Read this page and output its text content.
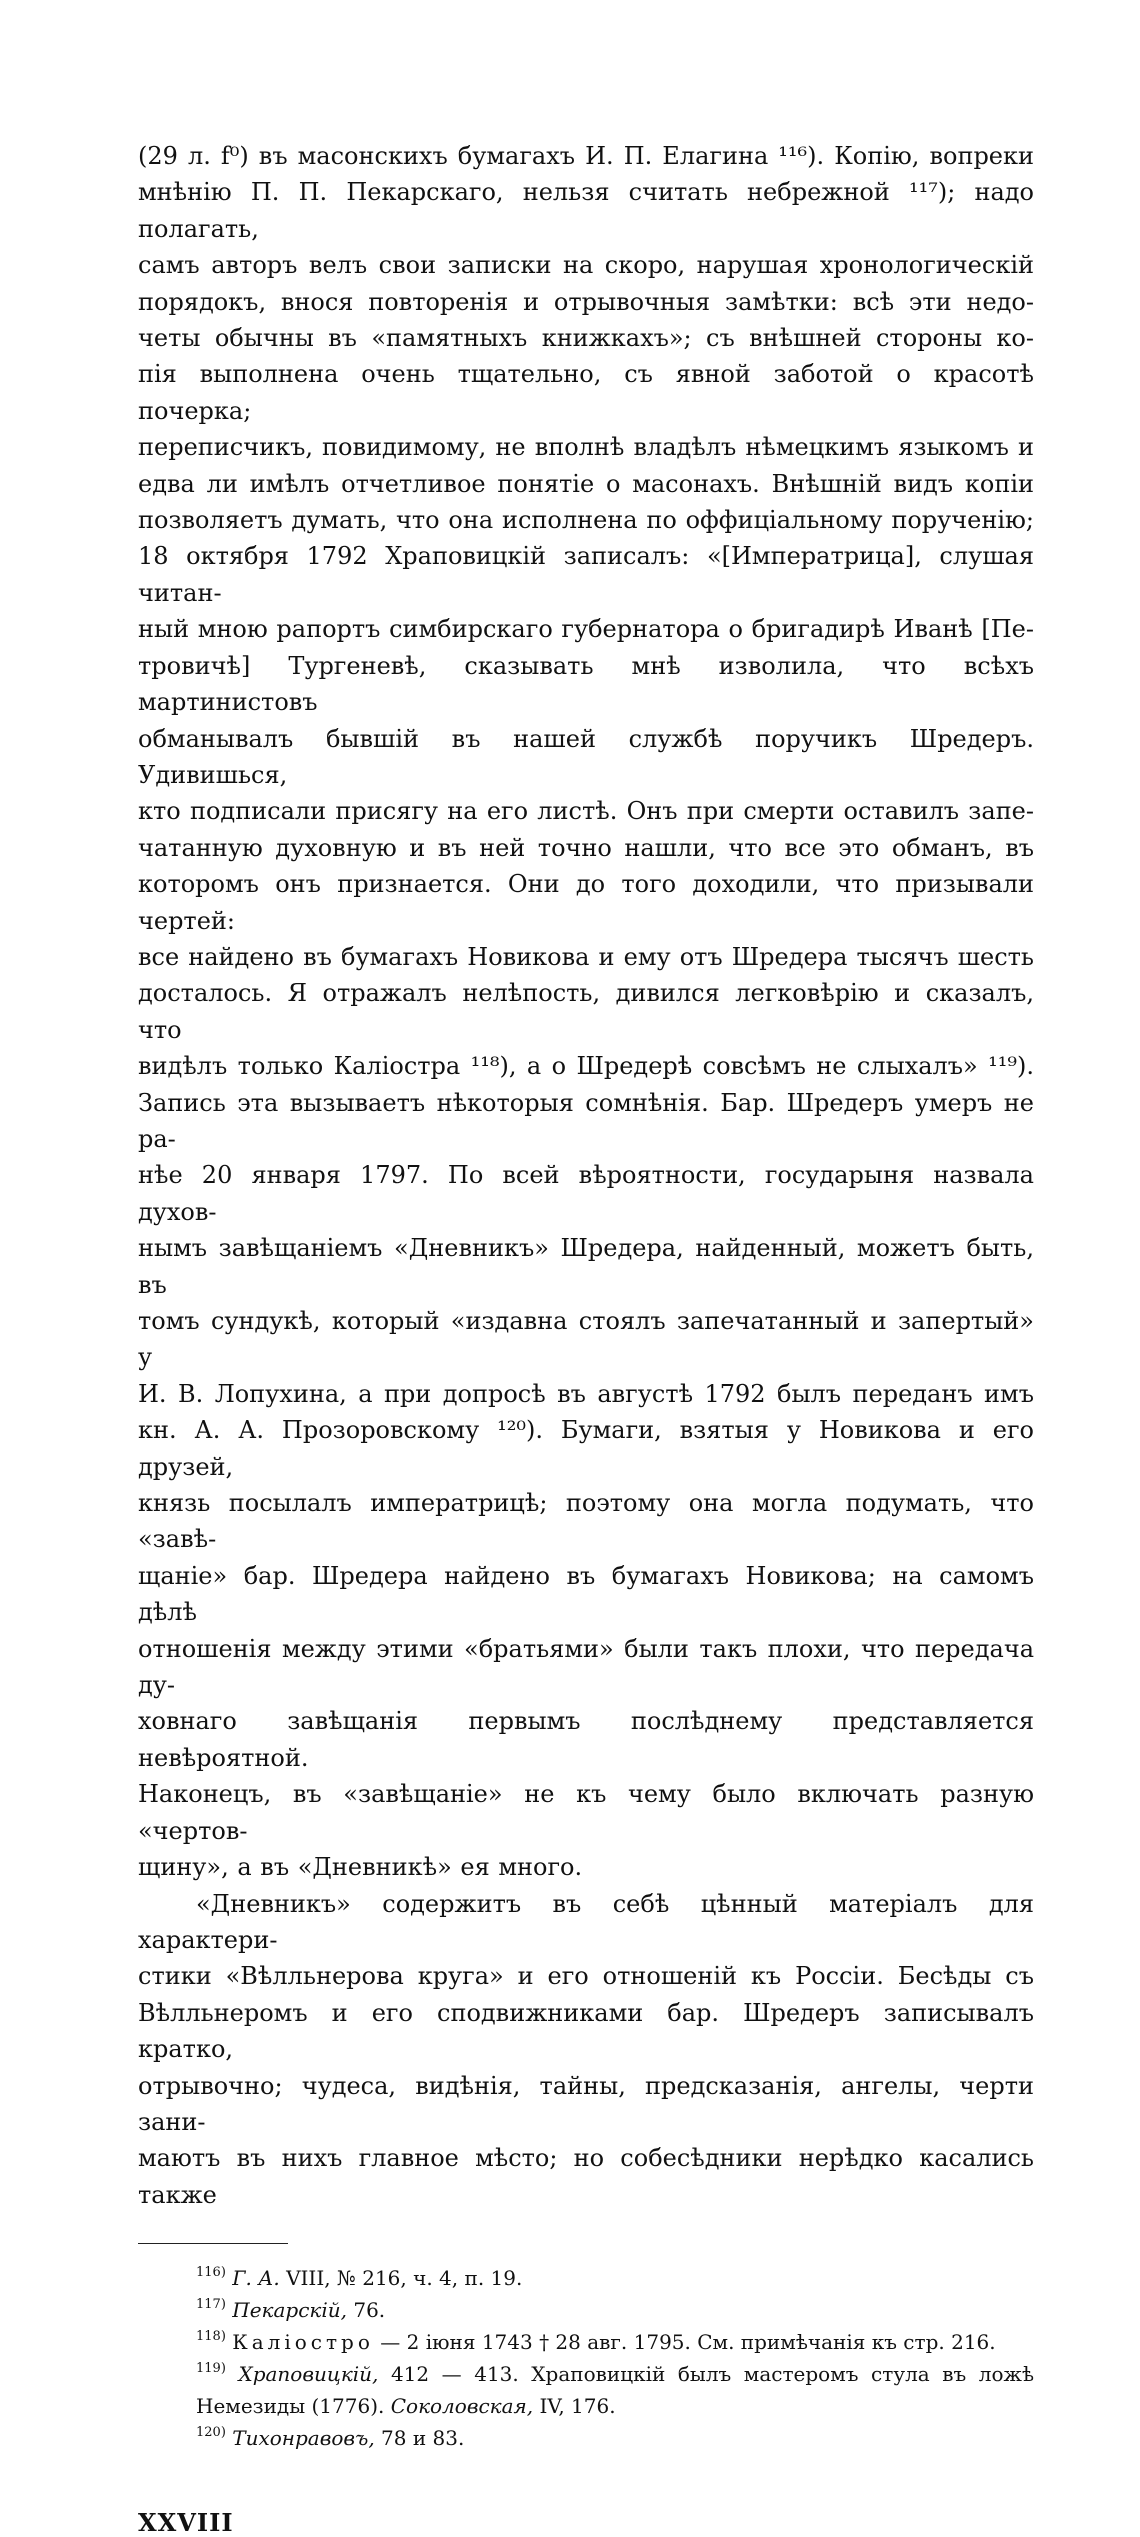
(29 л. f⁰) въ масонскихъ бумагахъ И. П. Елагина ¹¹⁶). Копію, вопреки

мнѣнію П. П. Пекарскаго, нельзя считать небрежной ¹¹⁷); надо полагать,

самъ авторъ велъ свои записки на скоро, нарушая хронологическій

порядокъ, внося повторенія и отрывочныя замѣтки: всѣ эти недо-

четы обычны въ «памятныхъ книжкахъ»; съ внѣшней стороны ко-

пія выполнена очень тщательно, съ явной заботой о красотѣ почерка;

переписчикъ, повидимому, не вполнѣ владѣлъ нѣмецкимъ языкомъ и

едва ли имѣлъ отчетливое понятіе о масонахъ. Внѣшній видъ копіи

позволяетъ думать, что она исполнена по оффиціальному порученію;

18 октября 1792 Храповицкій записалъ: «[Императрица], слушая читан-

ный мною рапортъ симбирскаго губернатора о бригадирѣ Иванѣ [Пе-

тровичѣ] Тургеневѣ, сказывать мнѣ изволила, что всѣхъ мартинистовъ

обманывалъ бывшій въ нашей службѣ поручикъ Шредеръ. Удивишься,

кто подписали присягу на его листѣ. Онъ при смерти оставилъ запе-

чатанную духовную и въ ней точно нашли, что все это обманъ, въ

которомъ онъ признается. Они до того доходили, что призывали чертей:

все найдено въ бумагахъ Новикова и ему отъ Шредера тысячъ шесть

досталось. Я отражалъ нелѣпость, дивился легковѣрію и сказалъ, что

видѣлъ только Каліостра ¹¹⁸), а о Шредерѣ совсѣмъ не слыхалъ» ¹¹⁹).

Запись эта вызываетъ нѣкоторыя сомнѣнія. Бар. Шредеръ умеръ не ра-

нѣе 20 января 1797. По всей вѣроятности, государыня назвала духов-

нымъ завѣщаніемъ «Дневникъ» Шредера, найденный, можетъ быть, въ

томъ сундукѣ, который «издавна стоялъ запечатанный и запертый» у

И. В. Лопухина, а при допросѣ въ августѣ 1792 былъ переданъ имъ

кн. А. А. Прозоровскому ¹²⁰). Бумаги, взятыя у Новикова и его друзей,

князь посылалъ императрицѣ; поэтому она могла подумать, что «завѣ-

щаніе» бар. Шредера найдено въ бумагахъ Новикова; на самомъ дѣлѣ

отношенія между этими «братьями» были такъ плохи, что передача ду-

ховнаго завѣщанія первымъ послѣднему представляется невѣроятной.

Наконецъ, въ «завѣщаніе» не къ чему было включать разную «чертов-

щину», а въ «Дневникѣ» ея много.

«Дневникъ» содержитъ въ себѣ цѣнный матеріалъ для характери-

стики «Вѣлльнерова круга» и его отношеній къ Россіи. Бесѣды съ

Вѣлльнеромъ и его сподвижниками бар. Шредеръ записывалъ кратко,

отрывочно; чудеса, видѣнія, тайны, предсказанія, ангелы, черти зани-

маютъ въ нихъ главное мѣсто; но собесѣдники нерѣдко касались также

$^{116)}$ Г. А. VIII, № 216, ч. 4, п. 19.
$^{117)}$ Пекарскій, 76.
$^{118)}$ Каліостро — 2 іюня 1743 † 28 авг. 1795. См. примѣчанія къ стр. 216.
$^{119)}$ Храповицкій, 412 — 413. Храповицкій былъ мастеромъ стула въ ложѣ Немезиды (1776). Соколовская, IV, 176.
$^{120)}$ Тихонравовъ, 78 и 83.
XXVIII
